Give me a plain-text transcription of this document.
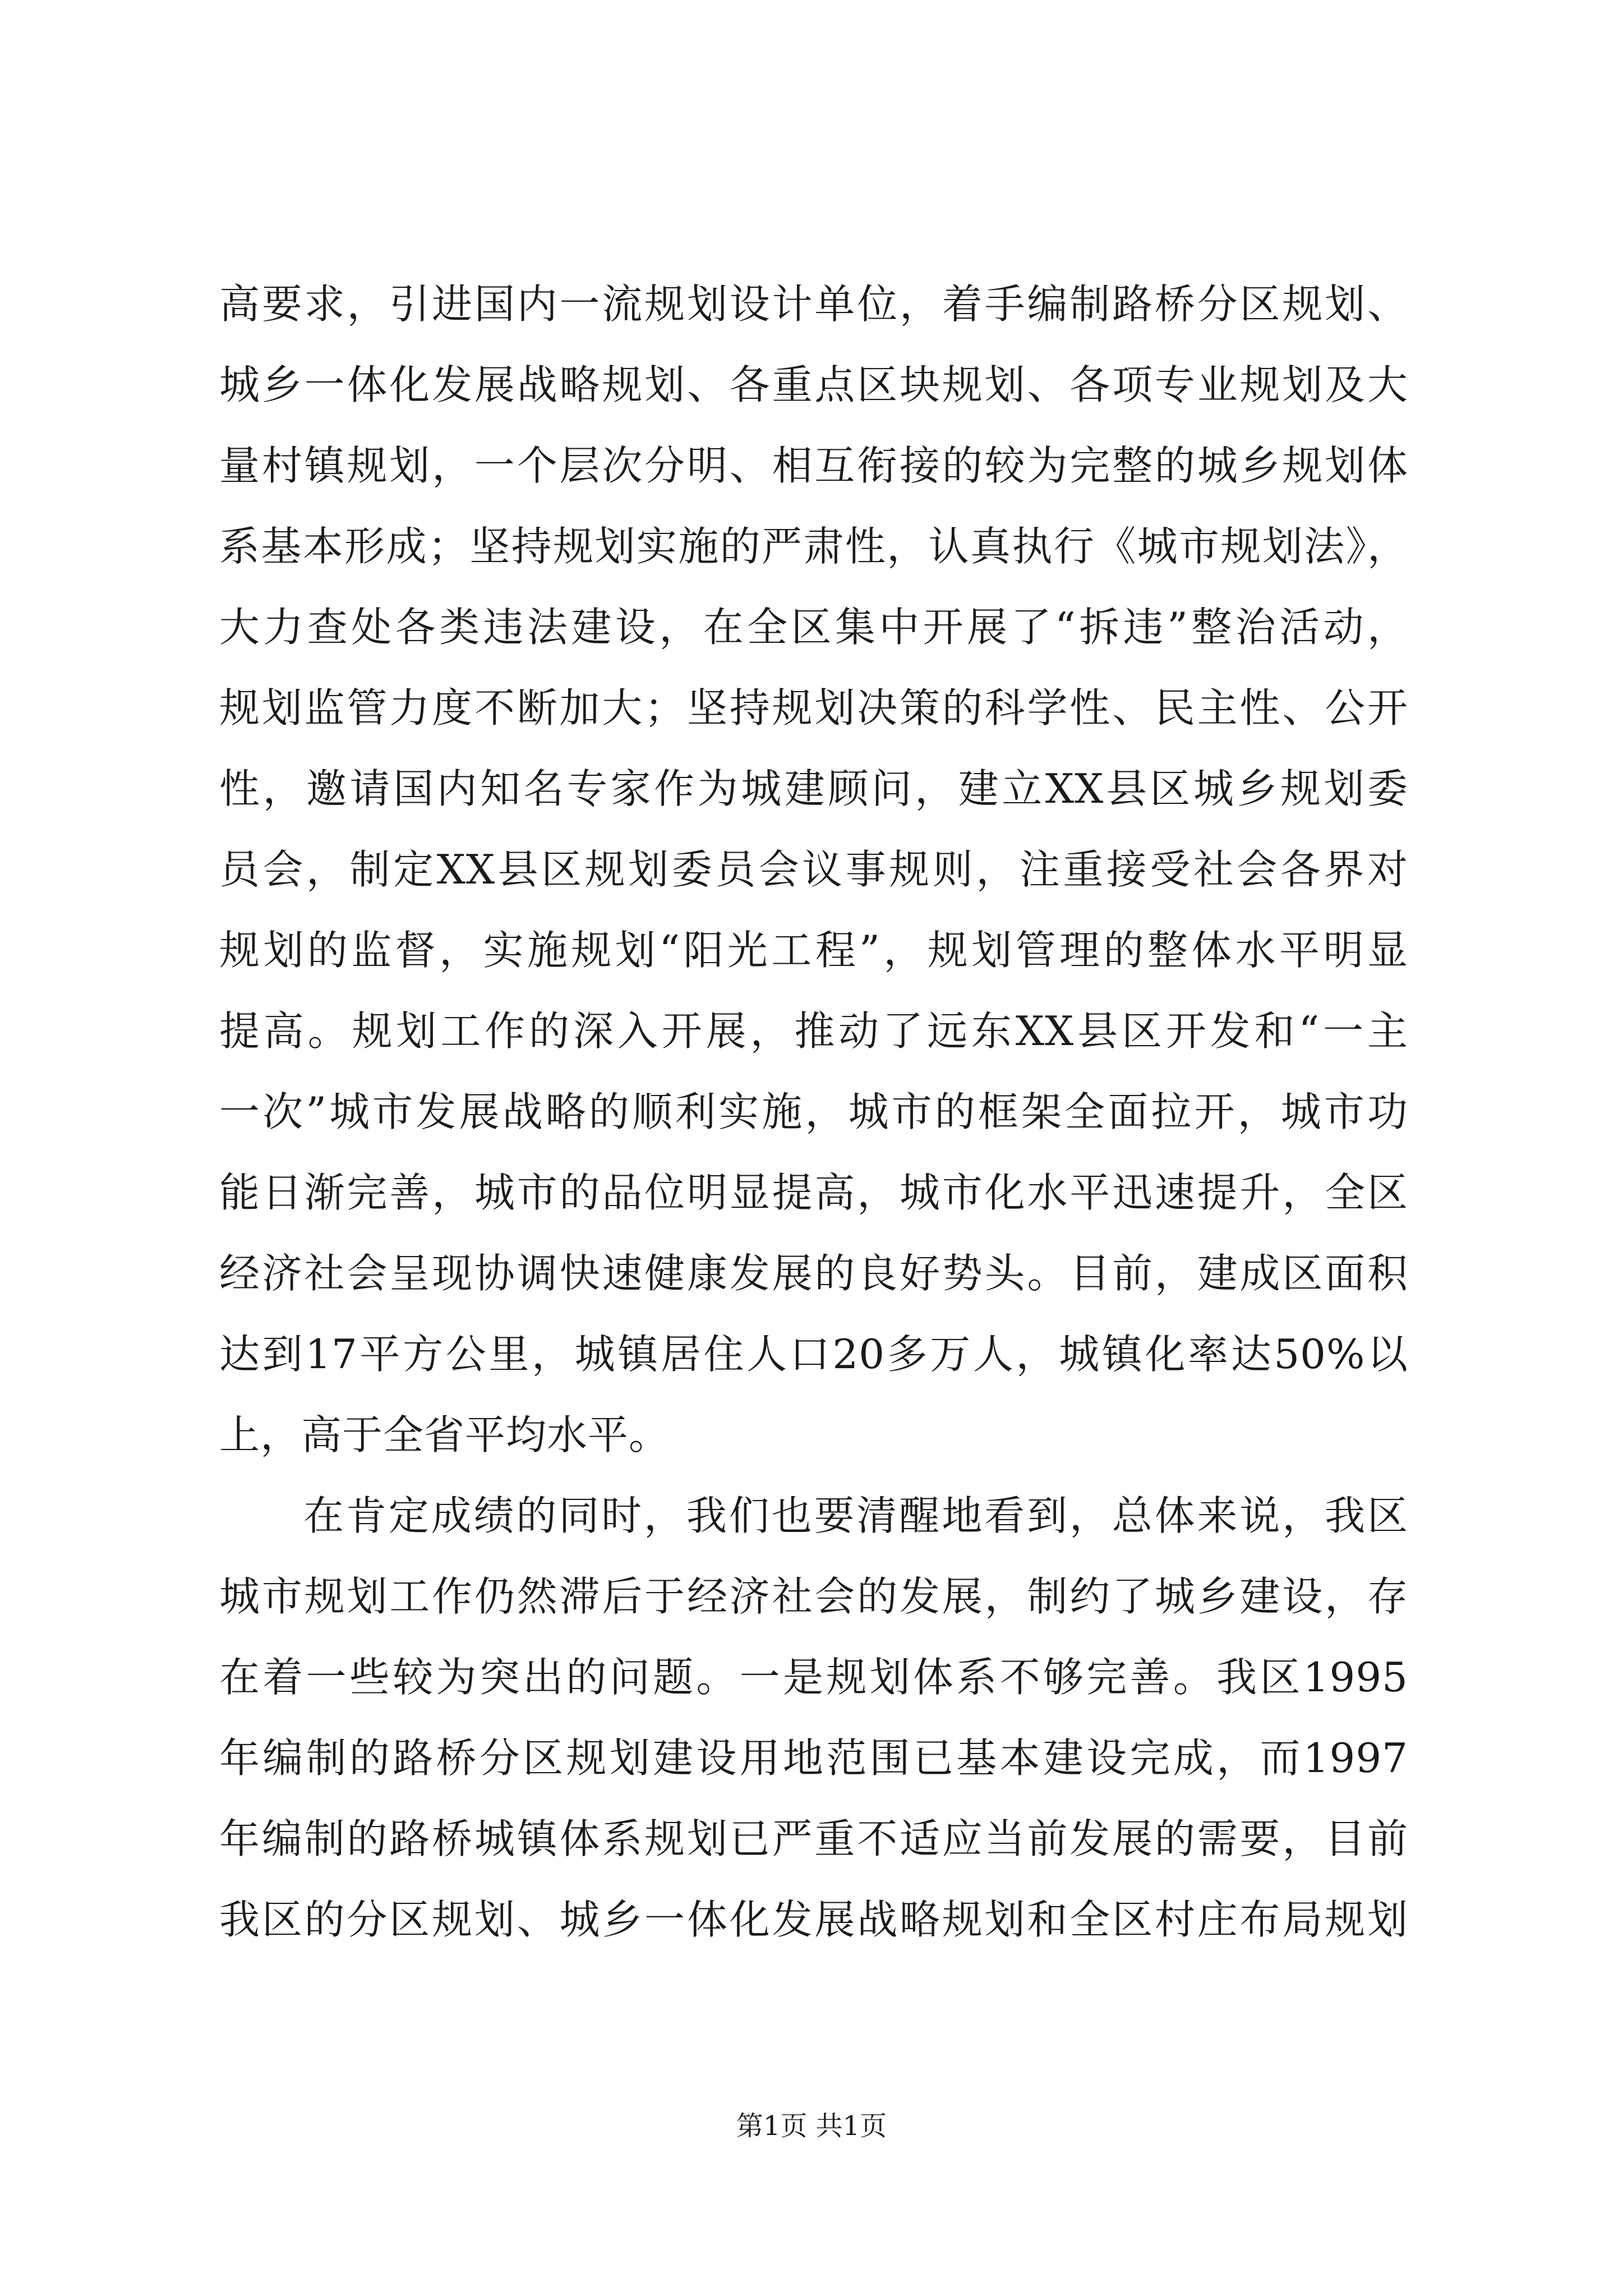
高要求，引进国内一流规划设计单位，着手编制路桥分区规划、
城乡一体化发展战略规划、各重点区块规划、各项专业规划及大
量村镇规划，一个层次分明、相互衔接的较为完整的城乡规划体
系基本形成；坚持规划实施的严肃性，认真执行《城市规划法》，
大力查处各类违法建设，在全区集中开展了“拆违”整治活动，
规划监管力度不断加大；坚持规划决策的科学性、民主性、公开
性，邀请国内知名专家作为城建顾问，建立XX县区城乡规划委
员会，制定XX县区规划委员会议事规则，注重接受社会各界对
规划的监督，实施规划“阳光工程”，规划管理的整体水平明显
提高。规划工作的深入开展，推动了远东XX县区开发和“一主
一次”城市发展战略的顺利实施，城市的框架全面拉开，城市功
能日渐完善，城市的品位明显提高，城市化水平迅速提升，全区
经济社会呈现协调快速健康发展的良好势头。目前，建成区面积
达到17平方公里，城镇居住人口20多万人，城镇化率达50%以
上，高于全省平均水平。
在肯定成绩的同时，我们也要清醒地看到，总体来说，我区
城市规划工作仍然滞后于经济社会的发展，制约了城乡建设，存
在着一些较为突出的问题。一是规划体系不够完善。我区1995
年编制的路桥分区规划建设用地范围已基本建设完成，而1997
年编制的路桥城镇体系规划已严重不适应当前发展的需要，目前
我区的分区规划、城乡一体化发展战略规划和全区村庄布局规划
第1页 共1页
